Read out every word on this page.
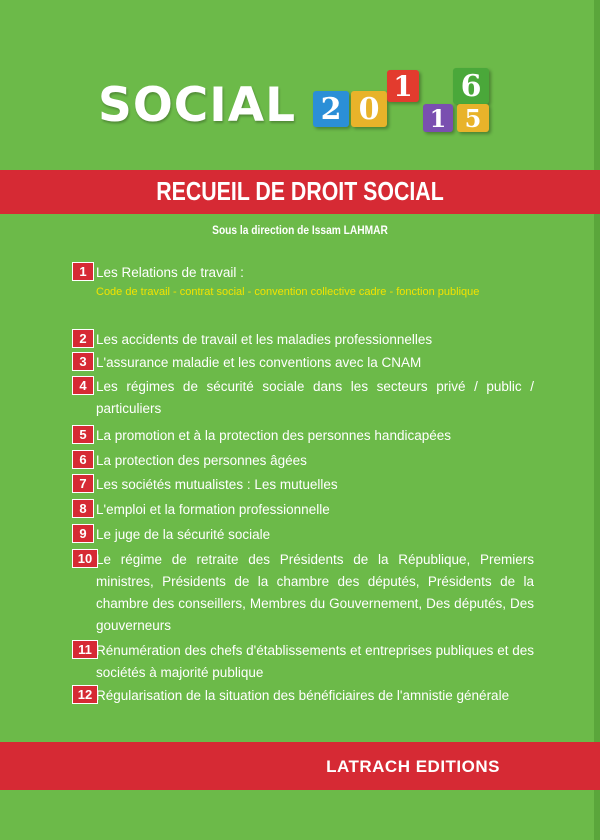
SOCIAL 2 0
1 6
1 5
RECUEIL DE DROIT SOCIAL
Sous la direction de Issam LAHMAR
1 Les Relations de travail :
Code de travail - contrat social - convention collective cadre - fonction publique
2 Les accidents de travail et les maladies professionnelles
3 L'assurance maladie et les conventions avec la CNAM
4 Les régimes de sécurité sociale dans les secteurs privé / public / particuliers
5 La promotion et à la protection des personnes handicapées
6 La protection des personnes âgées
7 Les sociétés mutualistes : Les mutuelles
8 L'emploi et la formation professionnelle
9 Le juge de la sécurité sociale
10 Le régime de retraite des Présidents de la République, Premiers ministres, Présidents de la chambre des députés, Présidents de la chambre des conseillers, Membres du Gouvernement, Des députés, Des gouverneurs
11 Rénumération des chefs d'établissements et entreprises publiques et des sociétés à majorité publique
12 Régularisation de la situation des bénéficiaires de l'amnistie générale
LATRACH EDITIONS
